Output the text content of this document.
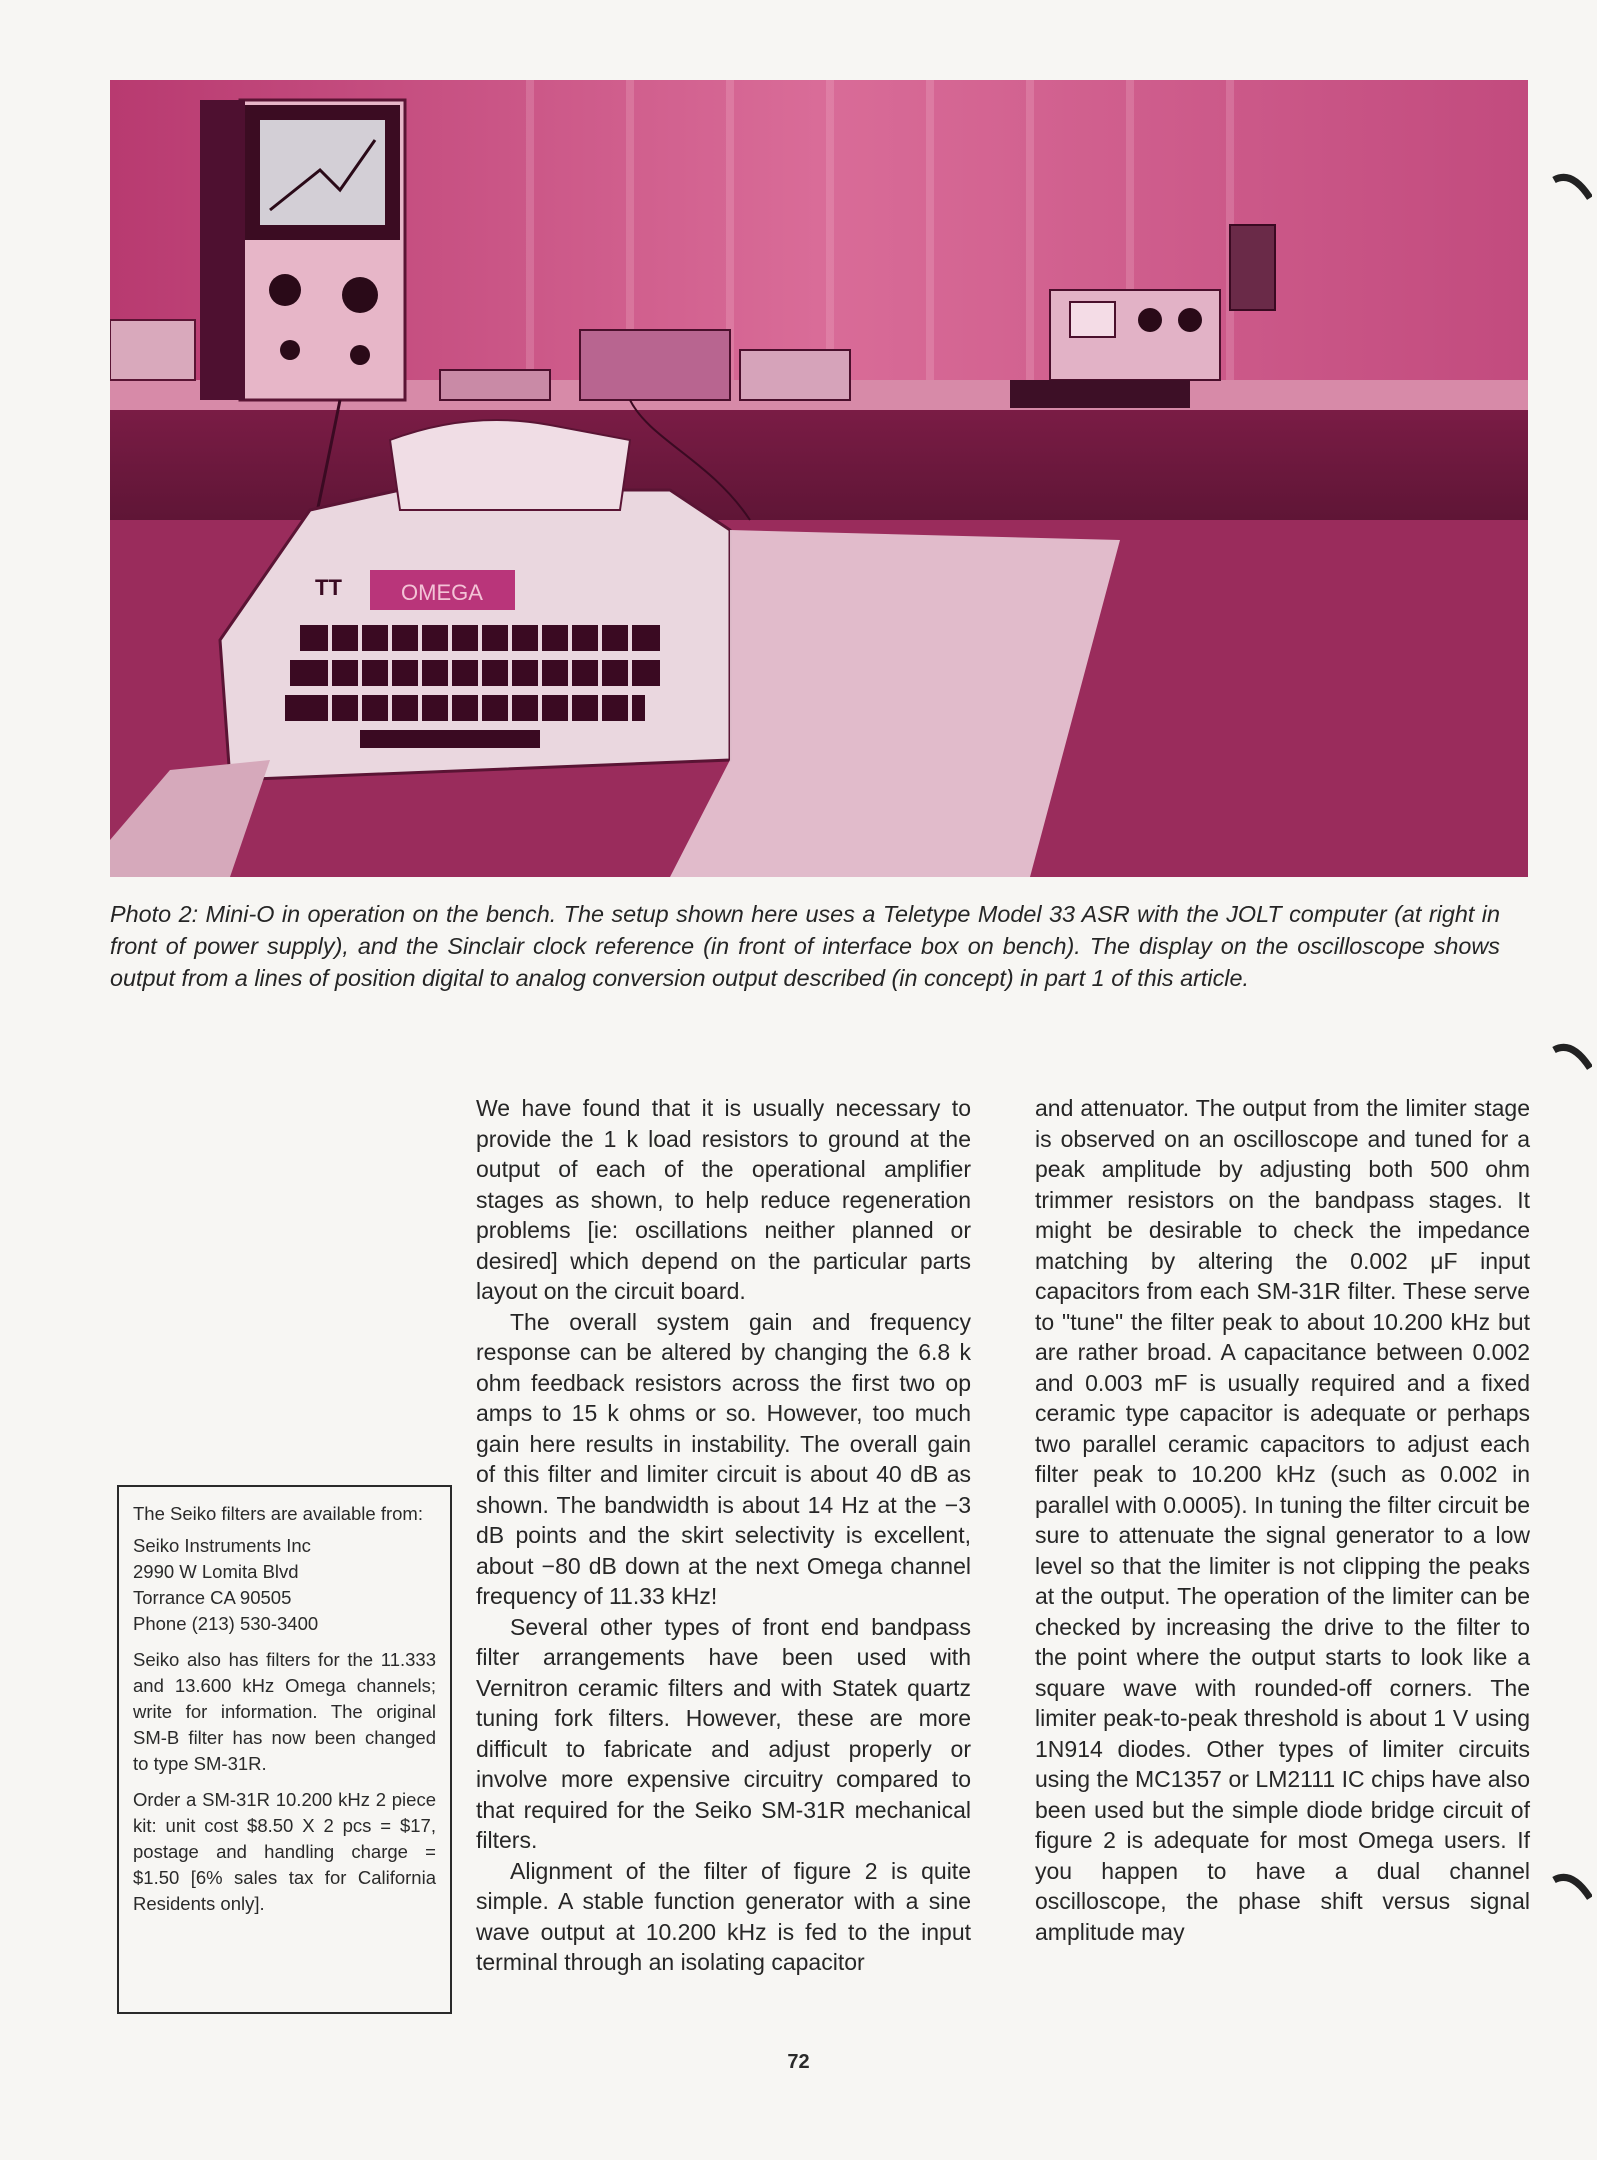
OMEGA
TT
Photo 2: Mini-O in operation on the bench. The setup shown here uses a Teletype Model 33 ASR with the JOLT computer (at right in front of power supply), and the Sinclair clock reference (in front of interface box on bench). The display on the oscilloscope shows output from a lines of position digital to analog conversion output described (in concept) in part 1 of this article.

The Seiko filters are available from:

Seiko Instruments Inc
2990 W Lomita Blvd
Torrance CA 90505
Phone (213) 530-3400

Seiko also has filters for the 11.333 and 13.600 kHz Omega channels; write for information. The original SM-B filter has now been changed to type SM-31R.

Order a SM-31R 10.200 kHz 2 piece kit: unit cost $8.50 X 2 pcs = $17, postage and handling charge = $1.50 [6% sales tax for California Residents only].

We have found that it is usually necessary to provide the 1 k load resistors to ground at the output of each of the operational amplifier stages as shown, to help reduce regeneration problems [ie: oscillations neither planned or desired] which depend on the particular parts layout on the circuit board.

The overall system gain and frequency response can be altered by changing the 6.8 k ohm feedback resistors across the first two op amps to 15 k ohms or so. However, too much gain here results in instability. The overall gain of this filter and limiter circuit is about 40 dB as shown. The bandwidth is about 14 Hz at the −3 dB points and the skirt selectivity is excellent, about −80 dB down at the next Omega channel frequency of 11.33 kHz!

Several other types of front end bandpass filter arrangements have been used with Vernitron ceramic filters and with Statek quartz tuning fork filters. However, these are more difficult to fabricate and adjust properly or involve more expensive circuitry compared to that required for the Seiko SM-31R mechanical filters.

Alignment of the filter of figure 2 is quite simple. A stable function generator with a sine wave output at 10.200 kHz is fed to the input terminal through an isolating capacitor

and attenuator. The output from the limiter stage is observed on an oscilloscope and tuned for a peak amplitude by adjusting both 500 ohm trimmer resistors on the bandpass stages. It might be desirable to check the impedance matching by altering the 0.002 μF input capacitors from each SM-31R filter. These serve to "tune" the filter peak to about 10.200 kHz but are rather broad. A capacitance between 0.002 and 0.003 mF is usually required and a fixed ceramic type capacitor is adequate or perhaps two parallel ceramic capacitors to adjust each filter peak to 10.200 kHz (such as 0.002 in parallel with 0.0005). In tuning the filter circuit be sure to attenuate the signal generator to a low level so that the limiter is not clipping the peaks at the output. The operation of the limiter can be checked by increasing the drive to the filter to the point where the output starts to look like a square wave with rounded-off corners. The limiter peak-to-peak threshold is about 1 V using 1N914 diodes. Other types of limiter circuits using the MC1357 or LM2111 IC chips have also been used but the simple diode bridge circuit of figure 2 is adequate for most Omega users. If you happen to have a dual channel oscilloscope, the phase shift versus signal amplitude may

72
